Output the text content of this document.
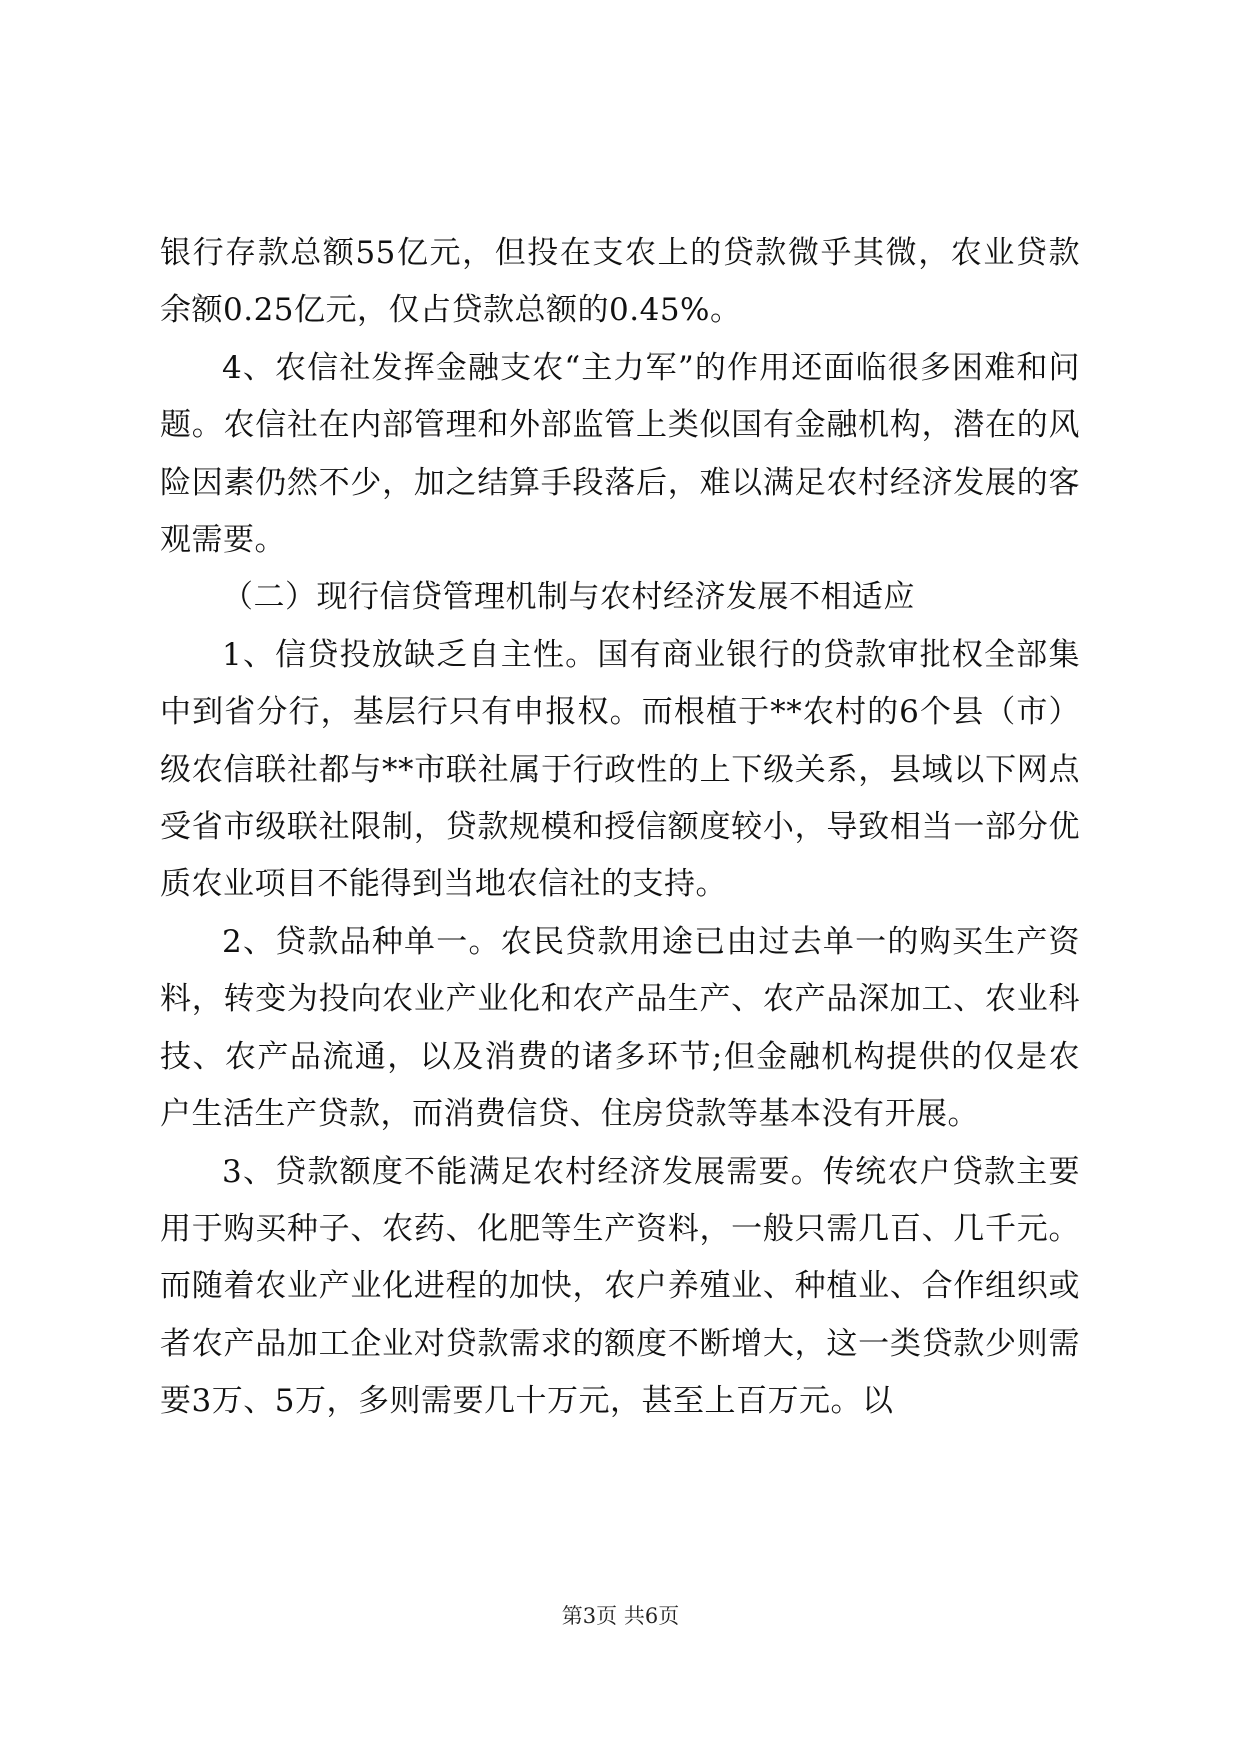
银行存款总额55亿元，但投在支农上的贷款微乎其微，农业贷款余额0.25亿元，仅占贷款总额的0.45%。

4、农信社发挥金融支农“主力军”的作用还面临很多困难和问题。农信社在内部管理和外部监管上类似国有金融机构，潜在的风险因素仍然不少，加之结算手段落后，难以满足农村经济发展的客观需要。

（二）现行信贷管理机制与农村经济发展不相适应

1、信贷投放缺乏自主性。国有商业银行的贷款审批权全部集中到省分行，基层行只有申报权。而根植于**农村的6个县（市）级农信联社都与**市联社属于行政性的上下级关系，县域以下网点受省市级联社限制，贷款规模和授信额度较小，导致相当一部分优质农业项目不能得到当地农信社的支持。

2、贷款品种单一。农民贷款用途已由过去单一的购买生产资料，转变为投向农业产业化和农产品生产、农产品深加工、农业科技、农产品流通，以及消费的诸多环节;但金融机构提供的仅是农户生活生产贷款，而消费信贷、住房贷款等基本没有开展。

3、贷款额度不能满足农村经济发展需要。传统农户贷款主要用于购买种子、农药、化肥等生产资料，一般只需几百、几千元。而随着农业产业化进程的加快，农户养殖业、种植业、合作组织或者农产品加工企业对贷款需求的额度不断增大，这一类贷款少则需要3万、5万，多则需要几十万元，甚至上百万元。以

第3页 共6页
